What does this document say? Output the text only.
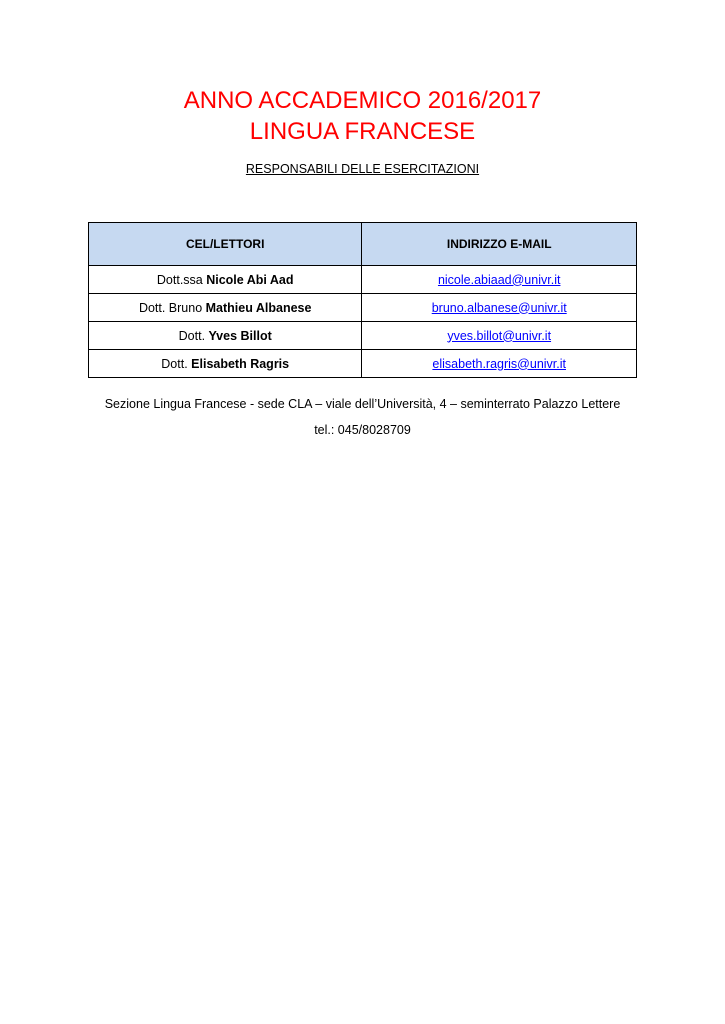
ANNO ACCADEMICO 2016/2017
LINGUA FRANCESE
RESPONSABILI DELLE ESERCITAZIONI
CEL/LETTORI	INDIRIZZO E-MAIL
Dott.ssa Nicole Abi Aad	nicole.abiaad@univr.it
Dott. Bruno Mathieu Albanese	bruno.albanese@univr.it
Dott. Yves Billot	yves.billot@univr.it
Dott. Elisabeth Ragris	elisabeth.ragris@univr.it
Sezione Lingua Francese - sede CLA – viale dell’Università, 4 – seminterrato Palazzo Lettere
tel.: 045/8028709
